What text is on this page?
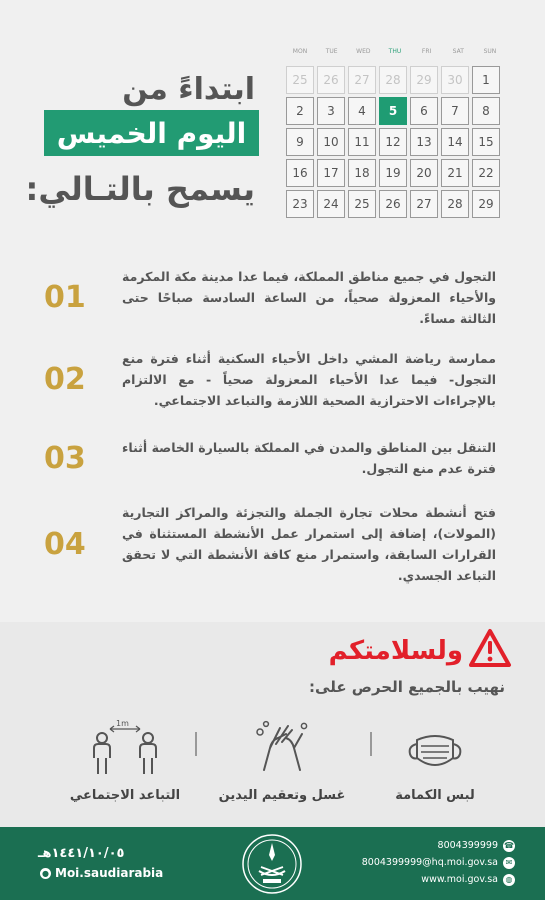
MON	TUE	WED	THU	FRI	SAT	SUN
25	26	27	28	29	30	1
2	3	4	5	6	7	8
9	10	11	12	13	14	15
16	17	18	19	20	21	22
23	24	25	26	27	28	29
ابتداءً من
اليوم الخميس
يسمح بالتـالي:
01
التجول في جميع مناطق المملكة، فيما عدا مدينة مكة المكرمة والأحياء المعزولة صحياً، من الساعة السادسة صباحًا حتى الثالثة مساءً.
02
ممارسة رياضة المشي داخل الأحياء السكنية أثناء فترة منع التجول- فيما عدا الأحياء المعزولة صحياً - مع الالتزام بالإجراءات الاحترازية الصحية اللازمة والتباعد الاجتماعي.
03	التنقل بين المناطق والمدن في المملكة بالسيارة الخاصة أثناء فترة عدم منع التجول.
04
فتح أنشطة محلات تجارة الجملة والتجزئة والمراكز التجارية (المولات)، إضافة إلى استمرار عمل الأنشطة المستثناة في القرارات السابقة، واستمرار منع كافة الأنشطة التي لا تحقق التباعد الجسدي.
ولسلامتكم
نهيب بالجميع الحرص على:
لبس الكمامة
غسل وتعقيم اليدين
1m
التباعد الاجتماعي
١٤٤١/١٠/٠٥هـ
● Moi.saudiarabia
8004399999 ☎
8004399999@hq.moi.gov.sa ✉
www.moi.gov.sa ◍
